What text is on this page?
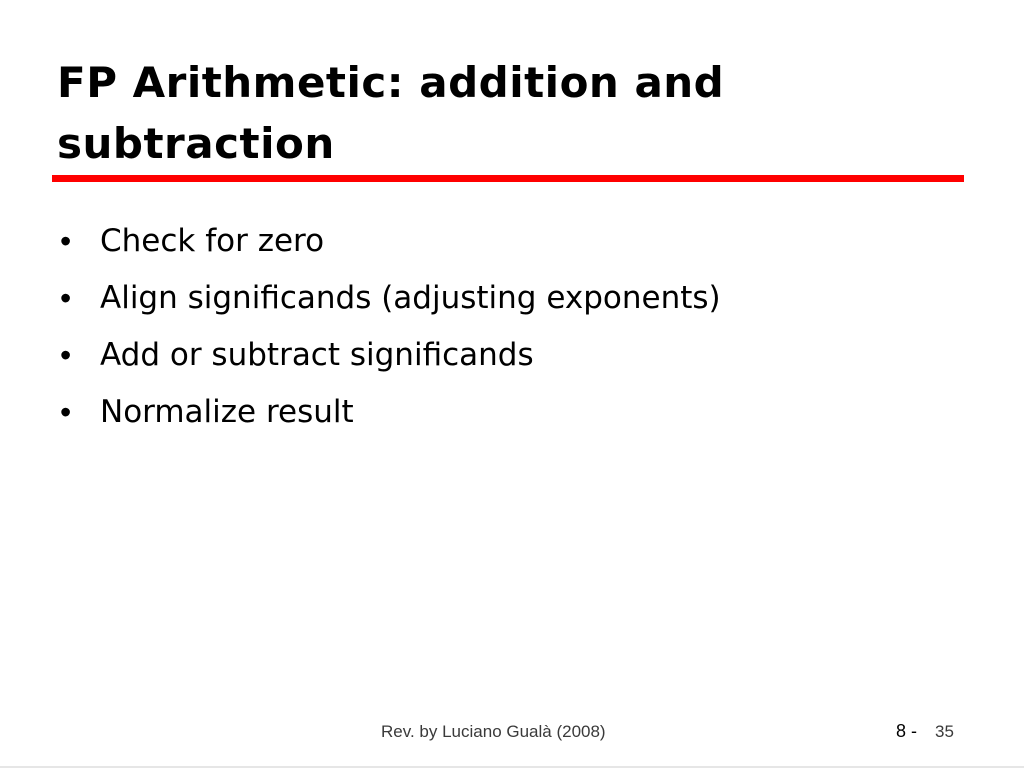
FP Arithmetic: addition and
subtraction
• Check for zero
• Align significands (adjusting exponents)
• Add or subtract significands
• Normalize result
Rev. by Luciano Gualà (2008)	8 - 35
